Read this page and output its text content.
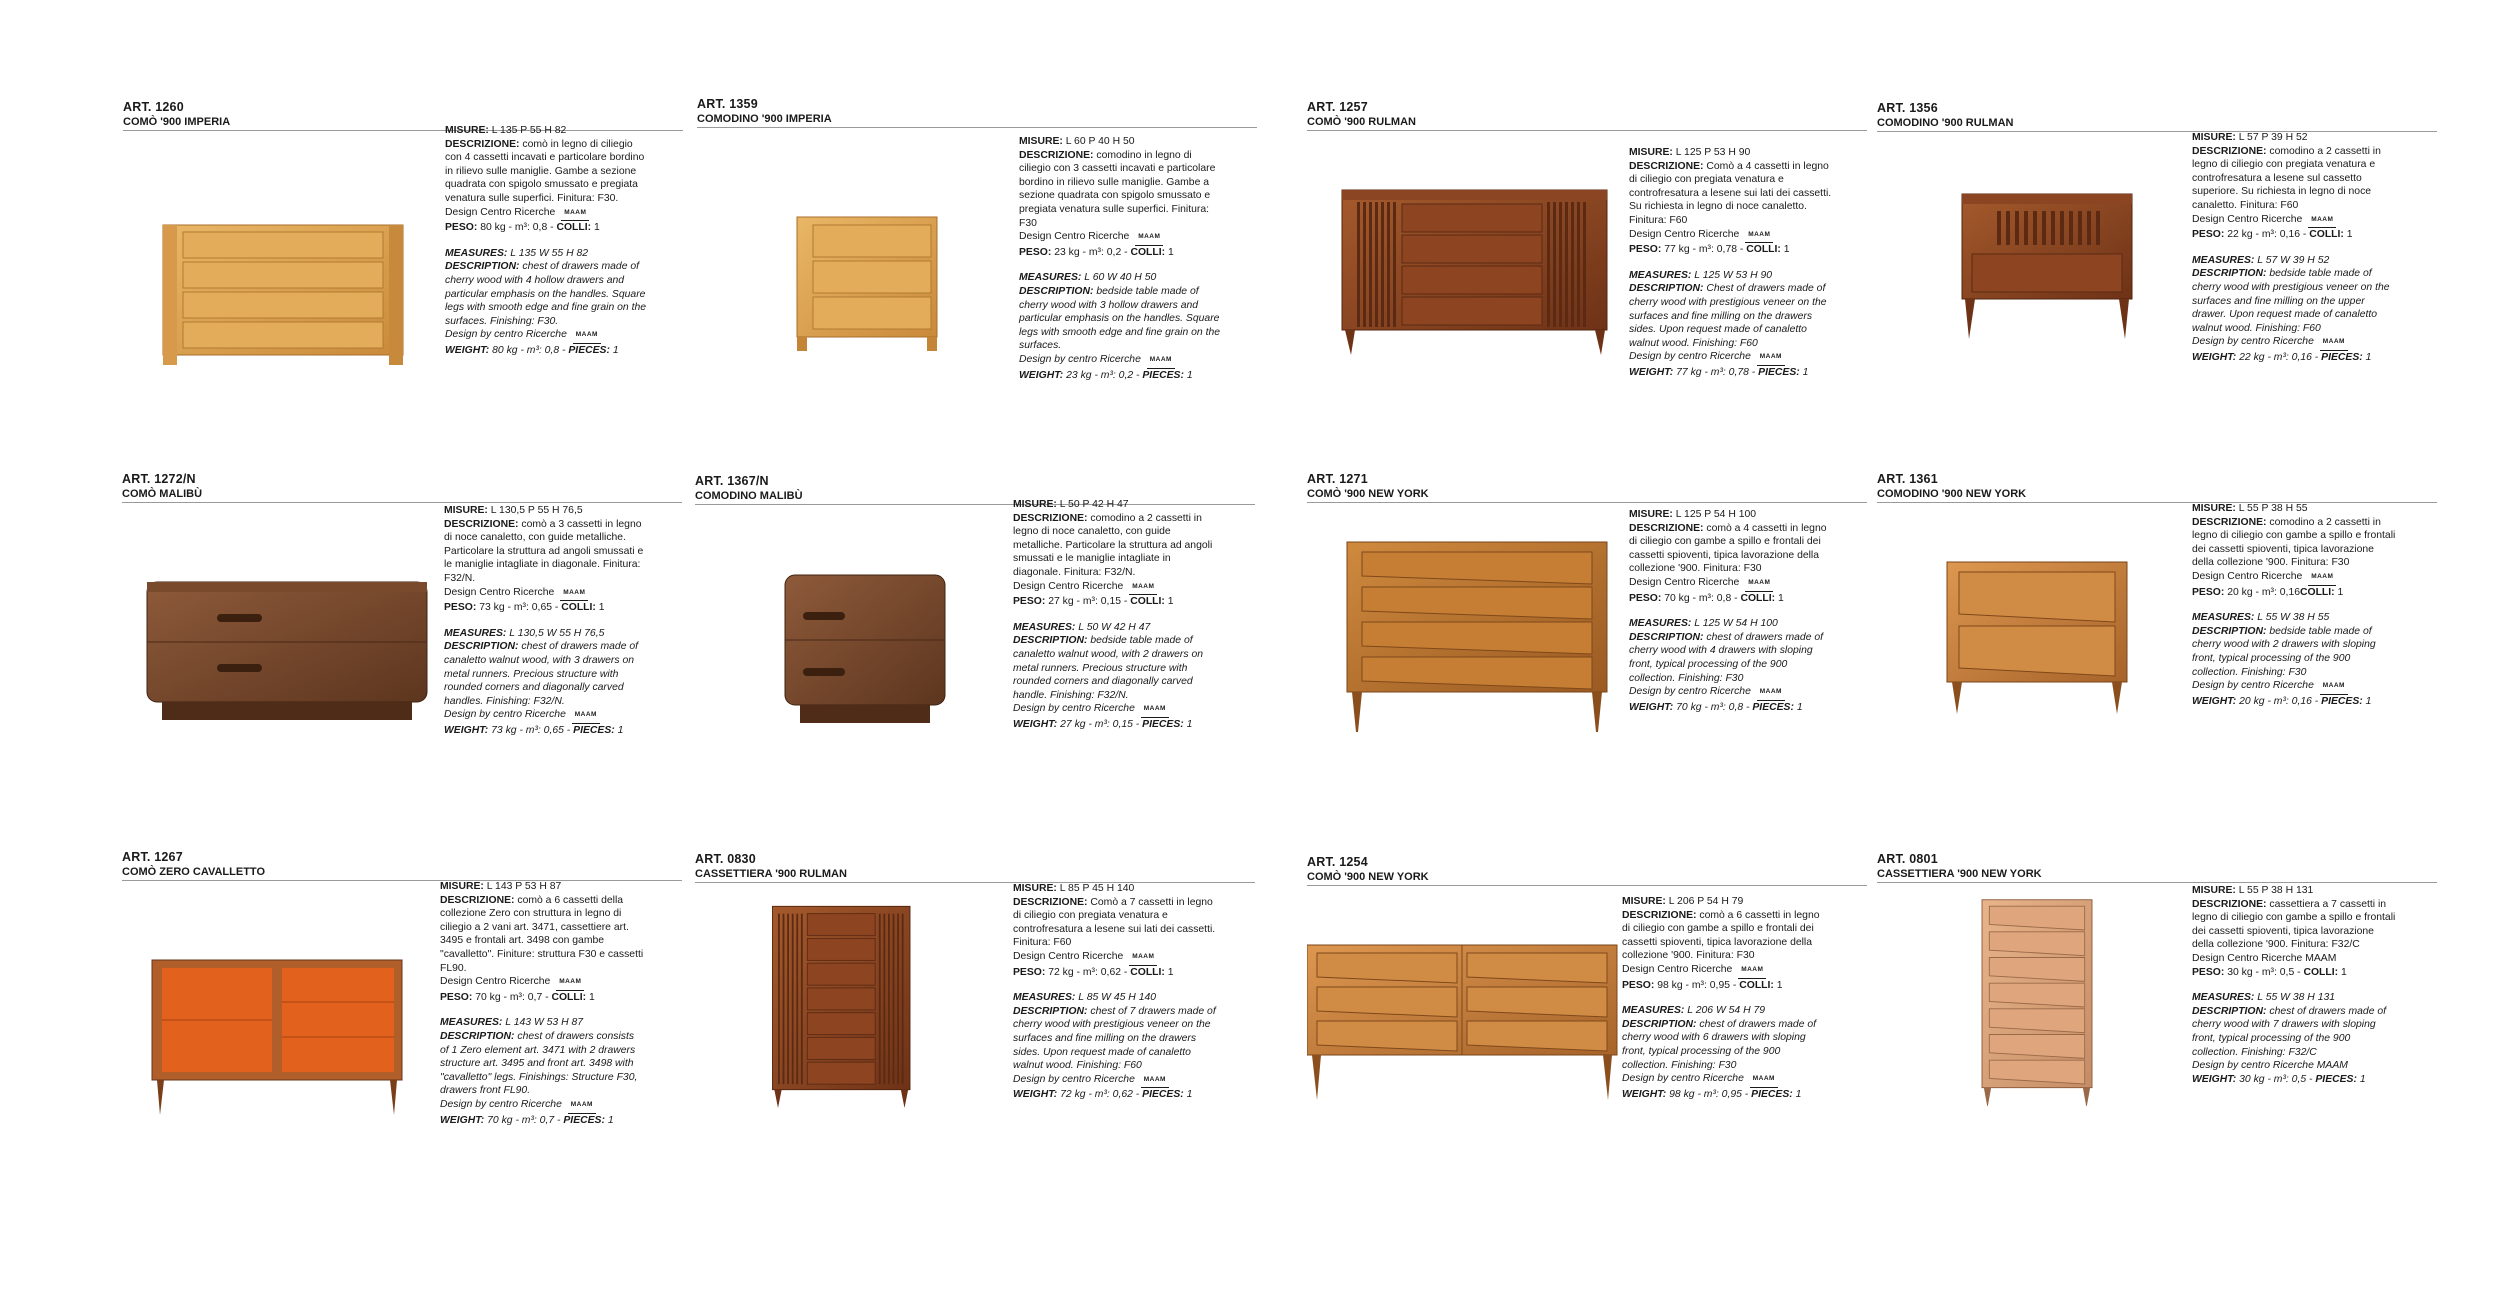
ART. 1260
COMÒ '900 IMPERIA

MISURE: L 135 P 55 H 82

DESCRIZIONE: comò in legno di ciliegio con 4 cassetti incavati e particolare bordino in rilievo sulle maniglie. Gambe a sezione quadrata con spigolo smussato e pregiata venatura sulle superfici. Finitura: F30.

Design Centro Ricerche MAAM

PESO: 80 kg - m³: 0,8 - COLLI: 1

MEASURES: L 135 W 55 H 82

DESCRIPTION: chest of drawers made of cherry wood with 4 hollow drawers and particular emphasis on the handles. Square legs with smooth edge and fine grain on the surfaces. Finishing: F30.

Design by centro Ricerche MAAM

WEIGHT: 80 kg - m³: 0,8 - PIECES: 1

ART. 1359
COMODINO '900 IMPERIA

MISURE: L 60 P 40 H 50

DESCRIZIONE: comodino in legno di ciliegio con 3 cassetti incavati e particolare bordino in rilievo sulle maniglie. Gambe a sezione quadrata con spigolo smussato e pregiata venatura sulle superfici. Finitura: F30

Design Centro Ricerche MAAM

PESO: 23 kg - m³: 0,2 - COLLI: 1

MEASURES: L 60 W 40 H 50

DESCRIPTION: bedside table made of cherry wood with 3 hollow drawers and particular emphasis on the handles. Square legs with smooth edge and fine grain on the surfaces.

Design by centro Ricerche MAAM

WEIGHT: 23 kg - m³: 0,2 - PIECES: 1

ART. 1257
COMÒ '900 RULMAN

MISURE: L 125 P 53 H 90

DESCRIZIONE: Comò a 4 cassetti in legno di ciliegio con pregiata venatura e controfresatura a lesene sui lati dei cassetti. Su richiesta in legno di noce canaletto. Finitura: F60

Design Centro Ricerche MAAM

PESO: 77 kg - m³: 0,78 - COLLI: 1

MEASURES: L 125 W 53 H 90

DESCRIPTION: Chest of drawers made of cherry wood with prestigious veneer on the surfaces and fine milling on the drawers sides. Upon request made of canaletto walnut wood. Finishing: F60

Design by centro Ricerche MAAM

WEIGHT: 77 kg - m³: 0,78 - PIECES: 1

ART. 1356
COMODINO '900 RULMAN

MISURE: L 57 P 39 H 52

DESCRIZIONE: comodino a 2 cassetti in legno di ciliegio con pregiata venatura e controfresatura a lesene sul cassetto superiore. Su richiesta in legno di noce canaletto. Finitura: F60

Design Centro Ricerche MAAM

PESO: 22 kg - m³: 0,16 - COLLI: 1

MEASURES: L 57 W 39 H 52

DESCRIPTION: bedside table made of cherry wood with prestigious veneer on the surfaces and fine milling on the upper drawer. Upon request made of canaletto walnut wood. Finishing: F60

Design by centro Ricerche MAAM

WEIGHT: 22 kg - m³: 0,16 - PIECES: 1

ART. 1272/N
COMÒ MALIBÙ

MISURE: L 130,5 P 55 H 76,5

DESCRIZIONE: comò a 3 cassetti in legno di noce canaletto, con guide metalliche. Particolare la struttura ad angoli smussati e le maniglie intagliate in diagonale. Finitura: F32/N.

Design Centro Ricerche MAAM

PESO: 73 kg - m³: 0,65 - COLLI: 1

MEASURES: L 130,5 W 55 H 76,5

DESCRIPTION: chest of drawers made of canaletto walnut wood, with 3 drawers on metal runners. Precious structure with rounded corners and diagonally carved handles. Finishing: F32/N.

Design by centro Ricerche MAAM

WEIGHT: 73 kg - m³: 0,65 - PIECES: 1

ART. 1367/N
COMODINO MALIBÙ

MISURE: L 50 P 42 H 47

DESCRIZIONE: comodino a 2 cassetti in legno di noce canaletto, con guide metalliche. Particolare la struttura ad angoli smussati e le maniglie intagliate in diagonale. Finitura: F32/N.

Design Centro Ricerche MAAM

PESO: 27 kg - m³: 0,15 - COLLI: 1

MEASURES: L 50 W 42 H 47

DESCRIPTION: bedside table made of canaletto walnut wood, with 2 drawers on metal runners. Precious structure with rounded corners and diagonally carved handle. Finishing: F32/N.

Design by centro Ricerche MAAM

WEIGHT: 27 kg - m³: 0,15 - PIECES: 1

ART. 1271
COMÒ '900 NEW YORK

MISURE: L 125 P 54 H 100

DESCRIZIONE: comò a 4 cassetti in legno di ciliegio con gambe a spillo e frontali dei cassetti spioventi, tipica lavorazione della collezione '900. Finitura: F30

Design Centro Ricerche MAAM

PESO: 70 kg - m³: 0,8 - COLLI: 1

MEASURES: L 125 W 54 H 100

DESCRIPTION: chest of drawers made of cherry wood with 4 drawers with sloping front, typical processing of the 900 collection. Finishing: F30

Design by centro Ricerche MAAM

WEIGHT: 70 kg - m³: 0,8 - PIECES: 1

ART. 1361
COMODINO '900 NEW YORK

MISURE: L 55 P 38 H 55

DESCRIZIONE: comodino a 2 cassetti in legno di ciliegio con gambe a spillo e frontali dei cassetti spioventi, tipica lavorazione della collezione '900. Finitura: F30

Design Centro Ricerche MAAM

PESO: 20 kg - m³: 0,16COLLI: 1

MEASURES: L 55 W 38 H 55

DESCRIPTION: bedside table made of cherry wood with 2 drawers with sloping front, typical processing of the 900 collection. Finishing: F30

Design by centro Ricerche MAAM

WEIGHT: 20 kg - m³: 0,16 - PIECES: 1

ART. 1267
COMÒ ZERO CAVALLETTO

MISURE: L 143 P 53 H 87

DESCRIZIONE: comò a 6 cassetti della collezione Zero con struttura in legno di ciliegio a 2 vani art. 3471, cassettiere art. 3495 e frontali art. 3498 con gambe "cavalletto". Finiture: struttura F30 e cassetti FL90.

Design Centro Ricerche MAAM

PESO: 70 kg - m³: 0,7 - COLLI: 1

MEASURES: L 143 W 53 H 87

DESCRIPTION: chest of drawers consists of 1 Zero element art. 3471 with 2 drawers structure art. 3495 and front art. 3498 with "cavalletto" legs. Finishings: Structure F30, drawers front FL90.

Design by centro Ricerche MAAM

WEIGHT: 70 kg - m³: 0,7 - PIECES: 1

ART. 0830
CASSETTIERA '900 RULMAN

MISURE: L 85 P 45 H 140

DESCRIZIONE: Comò a 7 cassetti in legno di ciliegio con pregiata venatura e controfresatura a lesene sui lati dei cassetti. Finitura: F60

Design Centro Ricerche MAAM

PESO: 72 kg - m³: 0,62 - COLLI: 1

MEASURES: L 85 W 45 H 140

DESCRIPTION: chest of 7 drawers made of cherry wood with prestigious veneer on the surfaces and fine milling on the drawers sides. Upon request made of canaletto walnut wood. Finishing: F60

Design by centro Ricerche MAAM

WEIGHT: 72 kg - m³: 0,62 - PIECES: 1

ART. 1254
COMÒ '900 NEW YORK

MISURE: L 206 P 54 H 79

DESCRIZIONE: comò a 6 cassetti in legno di ciliegio con gambe a spillo e frontali dei cassetti spioventi, tipica lavorazione della collezione '900. Finitura: F30

Design Centro Ricerche MAAM

PESO: 98 kg - m³: 0,95 - COLLI: 1

MEASURES: L 206 W 54 H 79

DESCRIPTION: chest of drawers made of cherry wood with 6 drawers with sloping front, typical processing of the 900 collection. Finishing: F30

Design by centro Ricerche MAAM

WEIGHT: 98 kg - m³: 0,95 - PIECES: 1

ART. 0801
CASSETTIERA '900 NEW YORK

MISURE: L 55 P 38 H 131

DESCRIZIONE: cassettiera a 7 cassetti in legno di ciliegio con gambe a spillo e frontali dei cassetti spioventi, tipica lavorazione della collezione '900. Finitura: F32/C

Design Centro Ricerche MAAM

PESO: 30 kg - m³: 0,5 - COLLI: 1

MEASURES: L 55 W 38 H 131

DESCRIPTION: chest of drawers made of cherry wood with 7 drawers with sloping front, typical processing of the 900 collection. Finishing: F32/C

Design by centro Ricerche MAAM

WEIGHT: 30 kg - m³: 0,5 - PIECES: 1
